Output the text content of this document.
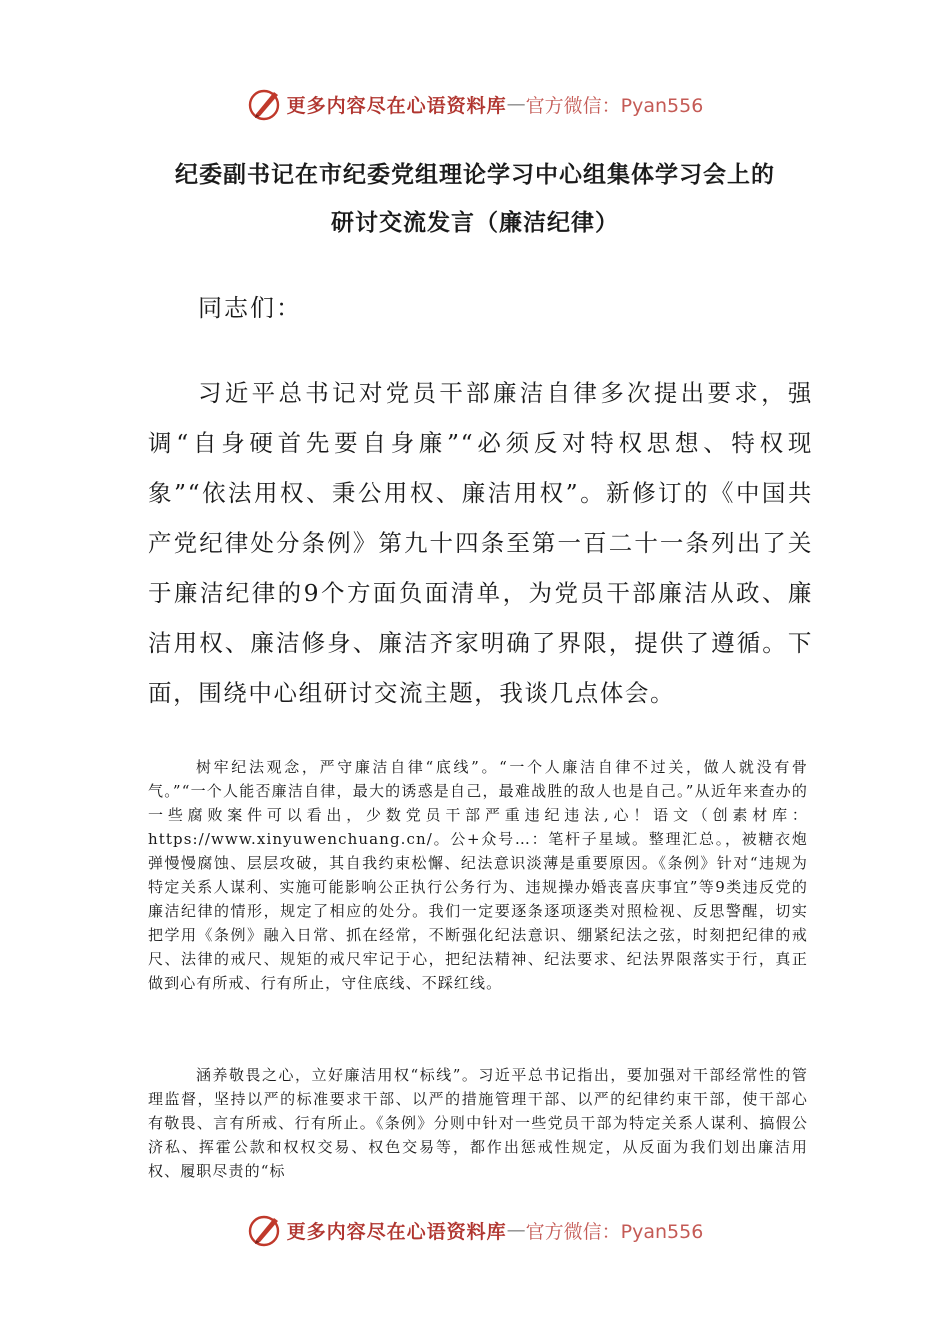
更多内容尽在心语资料库 — 官方微信：Pyan556
纪委副书记在市纪委党组理论学习中心组集体学习会上的
研讨交流发言（廉洁纪律）
同志们：

习近平总书记对党员干部廉洁自律多次提出要求，强调“自身硬首先要自身廉”“必须反对特权思想、特权现象”“依法用权、秉公用权、廉洁用权”。新修订的《中国共产党纪律处分条例》第九十四条至第一百二十一条列出了关于廉洁纪律的9个方面负面清单，为党员干部廉洁从政、廉洁用权、廉洁修身、廉洁齐家明确了界限，提供了遵循。下面，围绕中心组研讨交流主题，我谈几点体会。

树牢纪法观念，严守廉洁自律“底线”。“一个人廉洁自律不过关，做人就没有骨气。”“一个人能否廉洁自律，最大的诱惑是自己，最难战胜的敌人也是自己。”从近年来查办的一些腐败案件可以看出，少数党员干部严重违纪违法,心！语文（创素材库：https://www.xinyuwenchuang.cn/。公+众号…：笔杆子星域。整理汇总。，被糖衣炮弹慢慢腐蚀、层层攻破，其自我约束松懈、纪法意识淡薄是重要原因。《条例》针对“违规为特定关系人谋利、实施可能影响公正执行公务行为、违规操办婚丧喜庆事宜”等9类违反党的廉洁纪律的情形，规定了相应的处分。我们一定要逐条逐项逐类对照检视、反思警醒，切实把学用《条例》融入日常、抓在经常，不断强化纪法意识、绷紧纪法之弦，时刻把纪律的戒尺、法律的戒尺、规矩的戒尺牢记于心，把纪法精神、纪法要求、纪法界限落实于行，真正做到心有所戒、行有所止，守住底线、不踩红线。

涵养敬畏之心，立好廉洁用权“标线”。习近平总书记指出，要加强对干部经常性的管理监督，坚持以严的标准要求干部、以严的措施管理干部、以严的纪律约束干部，使干部心有敬畏、言有所戒、行有所止。《条例》分则中针对一些党员干部为特定关系人谋利、搞假公济私、挥霍公款和权权交易、权色交易等，都作出惩戒性规定，从反面为我们划出廉洁用权、履职尽责的“标

更多内容尽在心语资料库 — 官方微信：Pyan556
